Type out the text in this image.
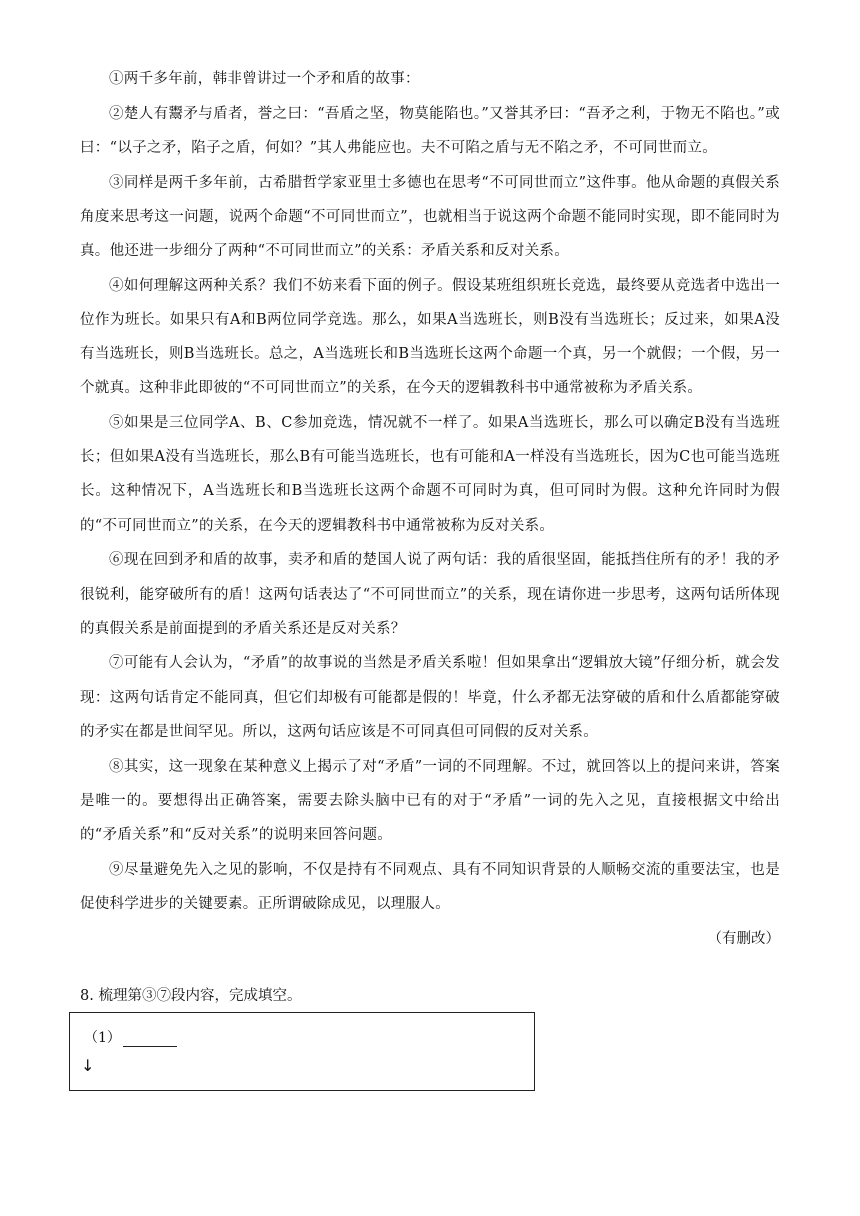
①两千多年前，韩非曾讲过一个矛和盾的故事：

②楚人有鬻矛与盾者，誉之曰：“吾盾之坚，物莫能陷也。”又誉其矛曰：“吾矛之利，于物无不陷也。”或曰：“以子之矛，陷子之盾，何如？”其人弗能应也。夫不可陷之盾与无不陷之矛，不可同世而立。

③同样是两千多年前，古希腊哲学家亚里士多德也在思考“不可同世而立”这件事。他从命题的真假关系角度来思考这一问题，说两个命题“不可同世而立”，也就相当于说这两个命题不能同时实现，即不能同时为真。他还进一步细分了两种“不可同世而立”的关系：矛盾关系和反对关系。

④如何理解这两种关系？我们不妨来看下面的例子。假设某班组织班长竞选，最终要从竞选者中选出一位作为班长。如果只有A和B两位同学竞选。那么，如果A当选班长，则B没有当选班长；反过来，如果A没有当选班长，则B当选班长。总之，A当选班长和B当选班长这两个命题一个真，另一个就假；一个假，另一个就真。这种非此即彼的“不可同世而立”的关系，在今天的逻辑教科书中通常被称为矛盾关系。

⑤如果是三位同学A、B、C参加竞选，情况就不一样了。如果A当选班长，那么可以确定B没有当选班长；但如果A没有当选班长，那么B有可能当选班长，也有可能和A一样没有当选班长，因为C也可能当选班长。这种情况下，A当选班长和B当选班长这两个命题不可同时为真，但可同时为假。这种允许同时为假的“不可同世而立”的关系，在今天的逻辑教科书中通常被称为反对关系。

⑥现在回到矛和盾的故事，卖矛和盾的楚国人说了两句话：我的盾很坚固，能抵挡住所有的矛！我的矛很锐利，能穿破所有的盾！这两句话表达了“不可同世而立”的关系，现在请你进一步思考，这两句话所体现的真假关系是前面提到的矛盾关系还是反对关系？

⑦可能有人会认为，“矛盾”的故事说的当然是矛盾关系啦！但如果拿出“逻辑放大镜”仔细分析，就会发现：这两句话肯定不能同真，但它们却极有可能都是假的！毕竟，什么矛都无法穿破的盾和什么盾都能穿破的矛实在都是世间罕见。所以，这两句话应该是不可同真但可同假的反对关系。

⑧其实，这一现象在某种意义上揭示了对“矛盾”一词的不同理解。不过，就回答以上的提问来讲，答案是唯一的。要想得出正确答案，需要去除头脑中已有的对于“矛盾”一词的先入之见，直接根据文中给出的“矛盾关系”和“反对关系”的说明来回答问题。

⑨尽量避免先入之见的影响，不仅是持有不同观点、具有不同知识背景的人顺畅交流的重要法宝，也是促使科学进步的关键要素。正所谓破除成见，以理服人。

（有删改）

8. 梳理第③⑦段内容，完成填空。
（1）
↓
